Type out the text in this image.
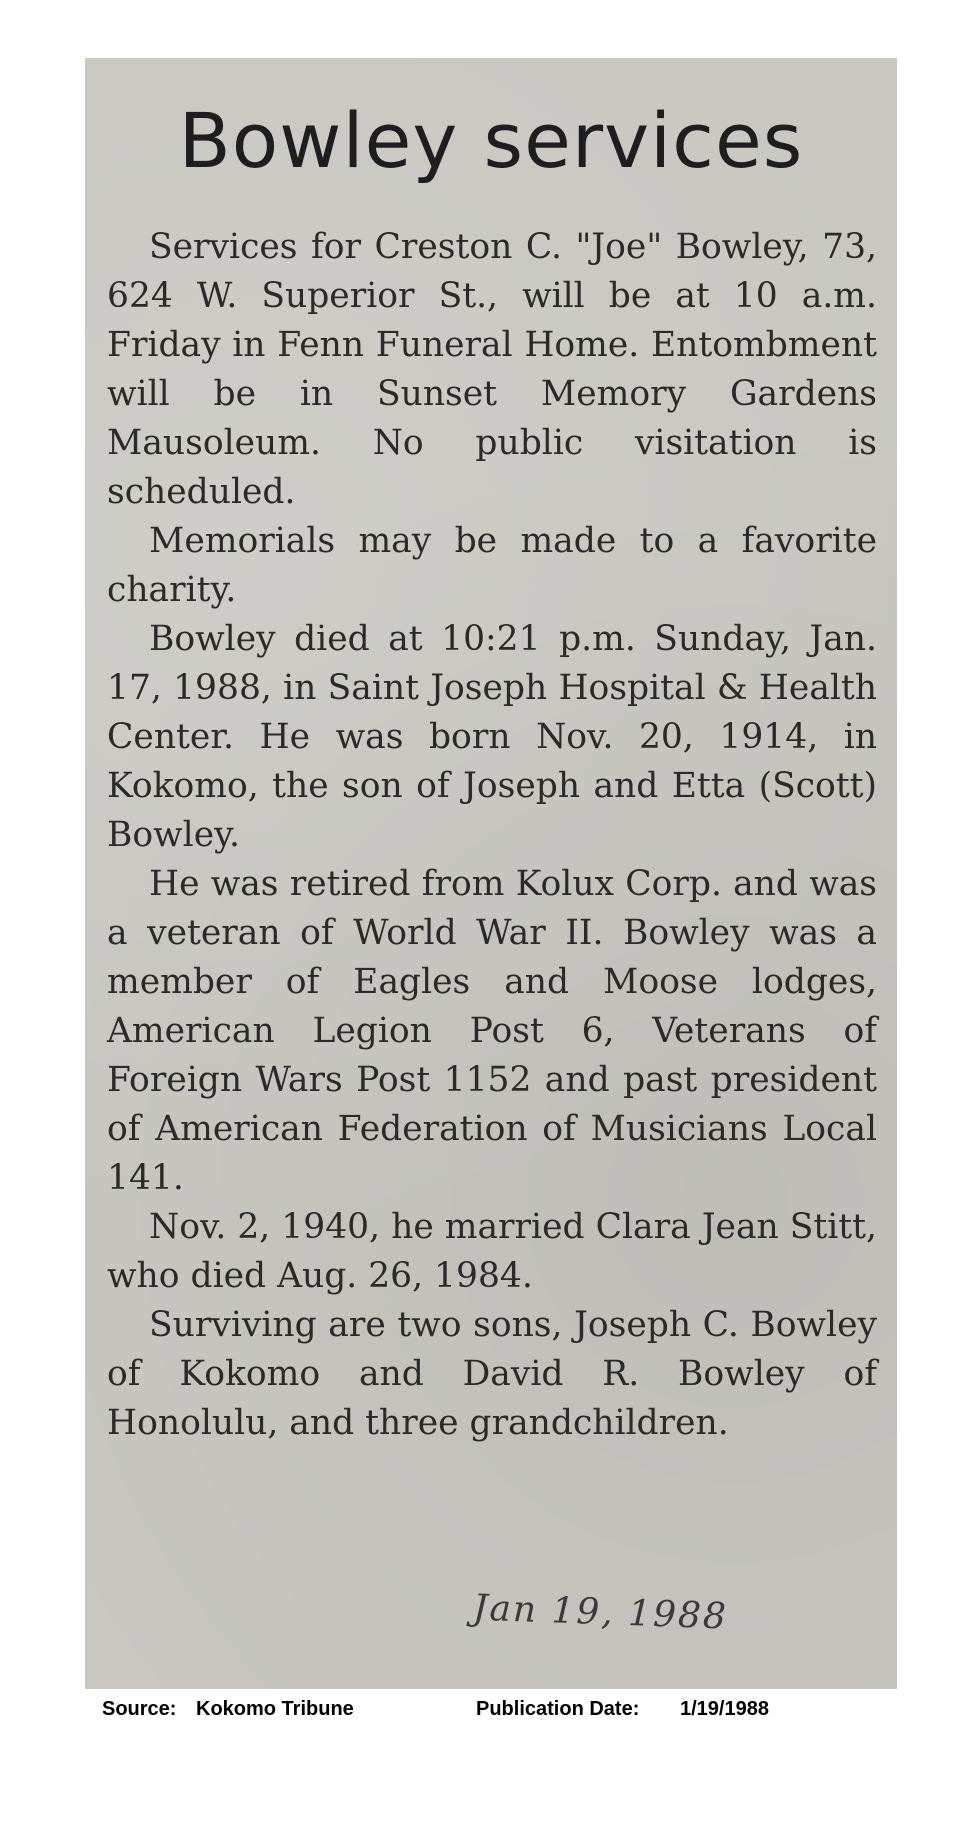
Bowley services

Services for Creston C. "Joe" Bowley, 73, 624 W. Superior St., will be at 10 a.m. Friday in Fenn Funeral Home. Entombment will be in Sunset Memory Gardens Mausoleum. No public visitation is scheduled.

Memorials may be made to a favorite charity.

Bowley died at 10:21 p.m. Sunday, Jan. 17, 1988, in Saint Joseph Hospital & Health Center. He was born Nov. 20, 1914, in Kokomo, the son of Joseph and Etta (Scott) Bowley.

He was retired from Kolux Corp. and was a veteran of World War II. Bowley was a member of Eagles and Moose lodges, American Legion Post 6, Veterans of Foreign Wars Post 1152 and past president of American Federation of Musicians Local 141.

Nov. 2, 1940, he married Clara Jean Stitt, who died Aug. 26, 1984.

Surviving are two sons, Joseph C. Bowley of Kokomo and David R. Bowley of Honolulu, and three grandchildren.

Jan 19, 1988
Source: Kokomo Tribune	Publication Date: 1/19/1988
